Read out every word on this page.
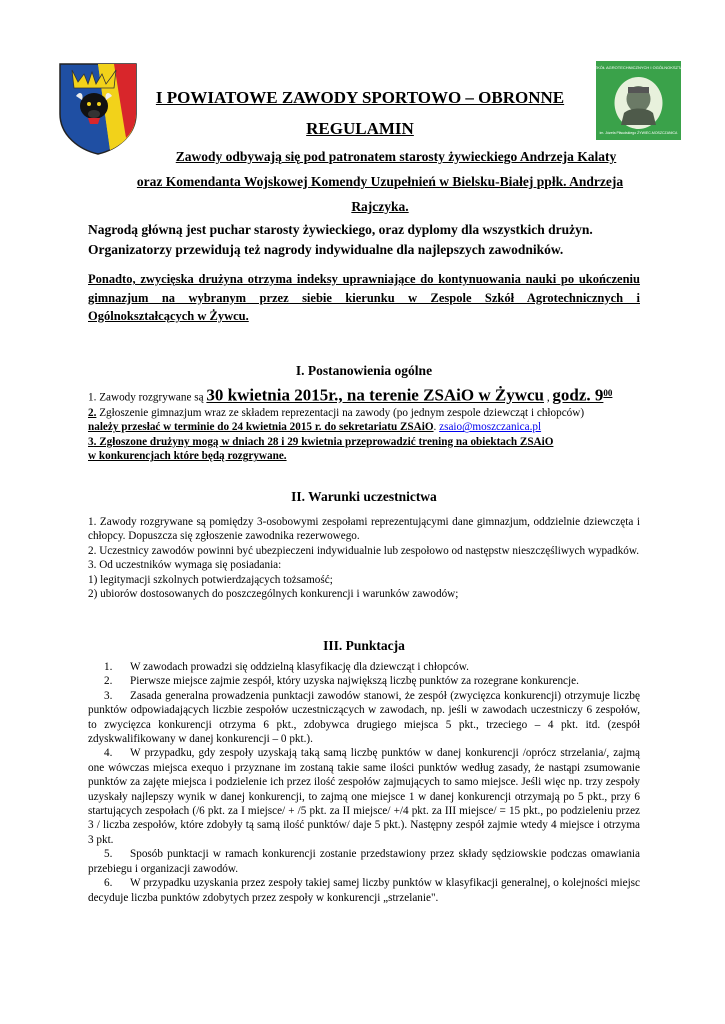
ZESPÓŁ SZKÓŁ AGROTECHNICZNYCH I OGÓLNOKSZTAŁCĄCYCH
im. Józefa Piłsudskiego ŻYWIEC-MOSZCZANICA
I POWIATOWE ZAWODY SPORTOWO – OBRONNE
REGULAMIN
Zawody odbywają się pod patronatem starosty żywieckiego Andrzeja Kalaty
oraz Komendanta Wojskowej Komendy Uzupełnień w Bielsku-Białej ppłk. Andrzeja
Rajczyka.
Nagrodą główną jest puchar starosty żywieckiego, oraz dyplomy dla wszystkich drużyn.
Organizatorzy przewidują też nagrody indywidualne dla najlepszych zawodników.
Ponadto, zwycięska drużyna otrzyma indeksy uprawniające do kontynuowania nauki po ukończeniu gimnazjum na wybranym przez siebie kierunku w Zespole Szkół Agrotechnicznych i Ogólnokształcących w Żywcu.
I. Postanowienia ogólne
1. Zawody rozgrywane są 30 kwietnia 2015r., na terenie ZSAiO w Żywcu , godz. $9^{00}$
2. Zgłoszenie gimnazjum wraz ze składem reprezentacji na zawody (po jednym zespole dziewcząt i chłopców)
należy przesłać w terminie do 24 kwietnia 2015 r. do sekretariatu ZSAiO. zsaio@moszczanica.pl
3. Zgłoszone drużyny mogą w dniach 28 i 29 kwietnia przeprowadzić trening na obiektach ZSAiO
w konkurencjach które będą rozgrywane.
II. Warunki uczestnictwa
1. Zawody rozgrywane są pomiędzy 3-osobowymi zespołami reprezentującymi dane gimnazjum, oddzielnie dziewczęta i chłopcy. Dopuszcza się zgłoszenie zawodnika rezerwowego.
2. Uczestnicy zawodów powinni być ubezpieczeni indywidualnie lub zespołowo od następstw nieszczęśliwych wypadków.
3. Od uczestników wymaga się posiadania:
1) legitymacji szkolnych potwierdzających tożsamość;
2) ubiorów dostosowanych do poszczególnych konkurencji i warunków zawodów;
III. Punktacja
1. W zawodach prowadzi się oddzielną klasyfikację dla dziewcząt i chłopców.
2. Pierwsze miejsce zajmie zespół, który uzyska największą liczbę punktów za rozegrane konkurencje.
3. Zasada generalna prowadzenia punktacji zawodów stanowi, że zespół (zwycięzca konkurencji) otrzymuje liczbę punktów odpowiadających liczbie zespołów uczestniczących w zawodach, np. jeśli w zawodach uczestniczy 6 zespołów, to zwycięzca konkurencji otrzyma 6 pkt., zdobywca drugiego miejsca 5 pkt., trzeciego – 4 pkt. itd. (zespół zdyskwalifikowany w danej konkurencji – 0 pkt.).
4. W przypadku, gdy zespoły uzyskają taką samą liczbę punktów w danej konkurencji /oprócz strzelania/, zajmą one wówczas miejsca exequo i przyznane im zostaną takie same ilości punktów według zasady, że nastąpi zsumowanie punktów za zajęte miejsca i podzielenie ich przez ilość zespołów zajmujących to samo miejsce. Jeśli więc np. trzy zespoły uzyskały najlepszy wynik w danej konkurencji, to zajmą one miejsce 1 w danej konkurencji otrzymają po 5 pkt., przy 6 startujących zespołach (/6 pkt. za I miejsce/ + /5 pkt. za II miejsce/ +/4 pkt. za III miejsce/ = 15 pkt., po podzieleniu przez 3 / liczba zespołów, które zdobyły tą samą ilość punktów/ daje 5 pkt.). Następny zespół zajmie wtedy 4 miejsce i otrzyma 3 pkt.
5. Sposób punktacji w ramach konkurencji zostanie przedstawiony przez składy sędziowskie podczas omawiania przebiegu i organizacji zawodów.
6. W przypadku uzyskania przez zespoły takiej samej liczby punktów w klasyfikacji generalnej, o kolejności miejsc decyduje liczba punktów zdobytych przez zespoły w konkurencji „strzelanie".
